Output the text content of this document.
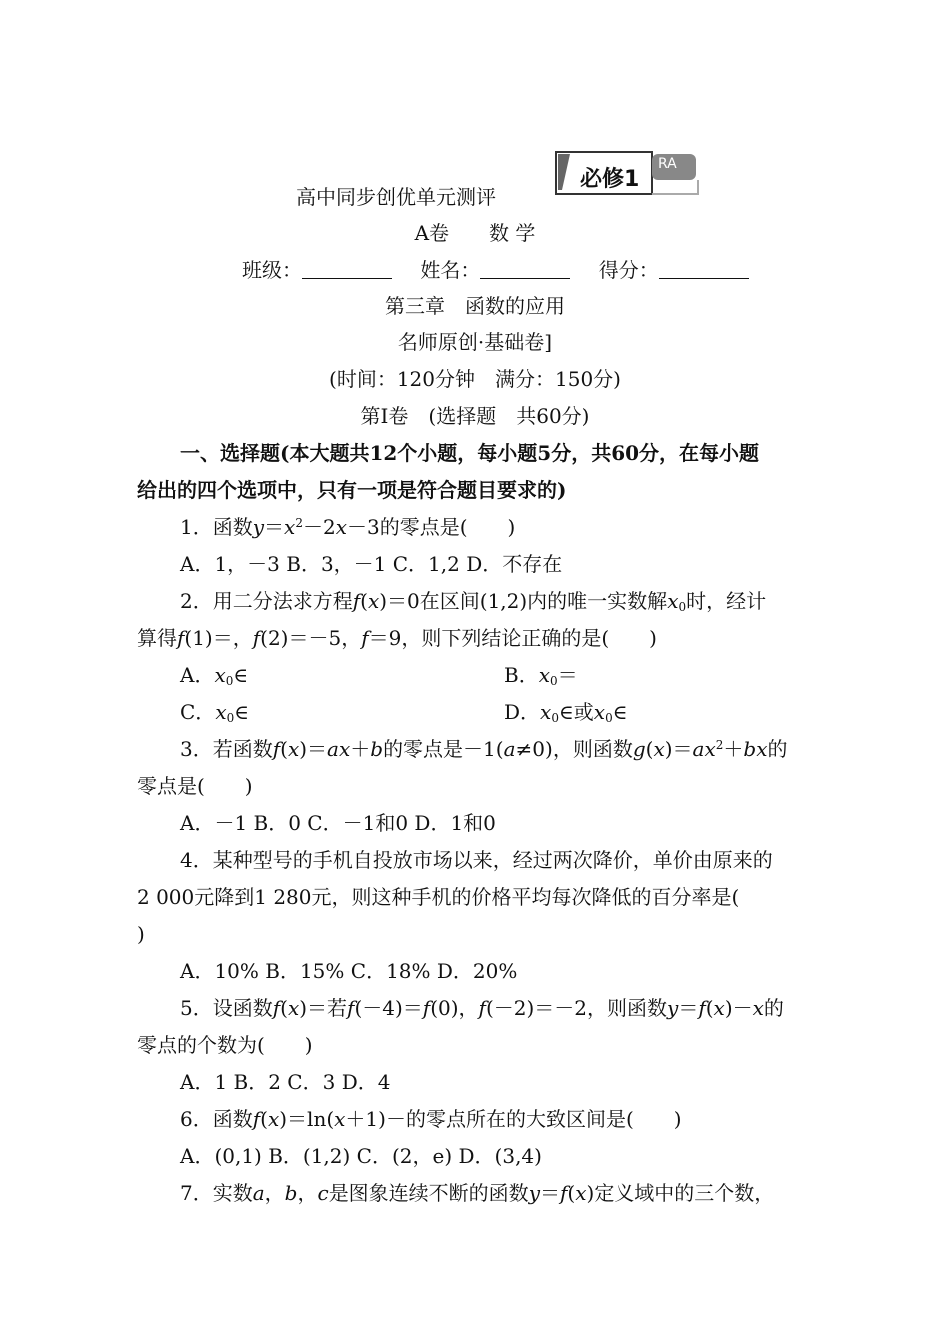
高中同步创优单元测评
必修1
RA
A卷　　数 学
班级：	姓名：	得分：
第三章　函数的应用
名师原创·基础卷]
(时间：120分钟　满分：150分)
第Ⅰ卷　(选择题　共60分)
一、选择题(本大题共12个小题，每小题5分，共60分，在每小题
给出的四个选项中，只有一项是符合题目要求的)
1．函数$y=x^2-2x-3$的零点是(　　)
A．1，－3 B．3，－1 C．1,2 D．不存在
2．用二分法求方程f(x)＝0在区间(1,2)内的唯一实数解$x_0$时，经计
算得f(1)＝，f(2)＝－5，f＝9，则下列结论正确的是(　　)
A．$x_0\in$	B．$x_0=$
C．$x_0\in$	D．$x_0\in$或$x_0\in$
3．若函数f(x)＝ax＋b的零点是－1(a≠0)，则函数$g(x)=ax^2+bx$的
零点是(　　)
A．－1 B．0 C．－1和0 D．1和0
4．某种型号的手机自投放市场以来，经过两次降价，单价由原来的
2 000元降到1 280元，则这种手机的价格平均每次降低的百分率是(
)
A．10% B．15% C．18% D．20%
5．设函数f(x)＝若f(－4)＝f(0)，f(－2)＝－2，则函数y＝f(x)－x的
零点的个数为(　　)
A．1 B．2 C．3 D．4
6．函数f(x)＝ln(x＋1)－的零点所在的大致区间是(　　)
A．(0,1) B．(1,2) C．(2，e) D．(3,4)
7．实数a，b，c是图象连续不断的函数y＝f(x)定义域中的三个数，
